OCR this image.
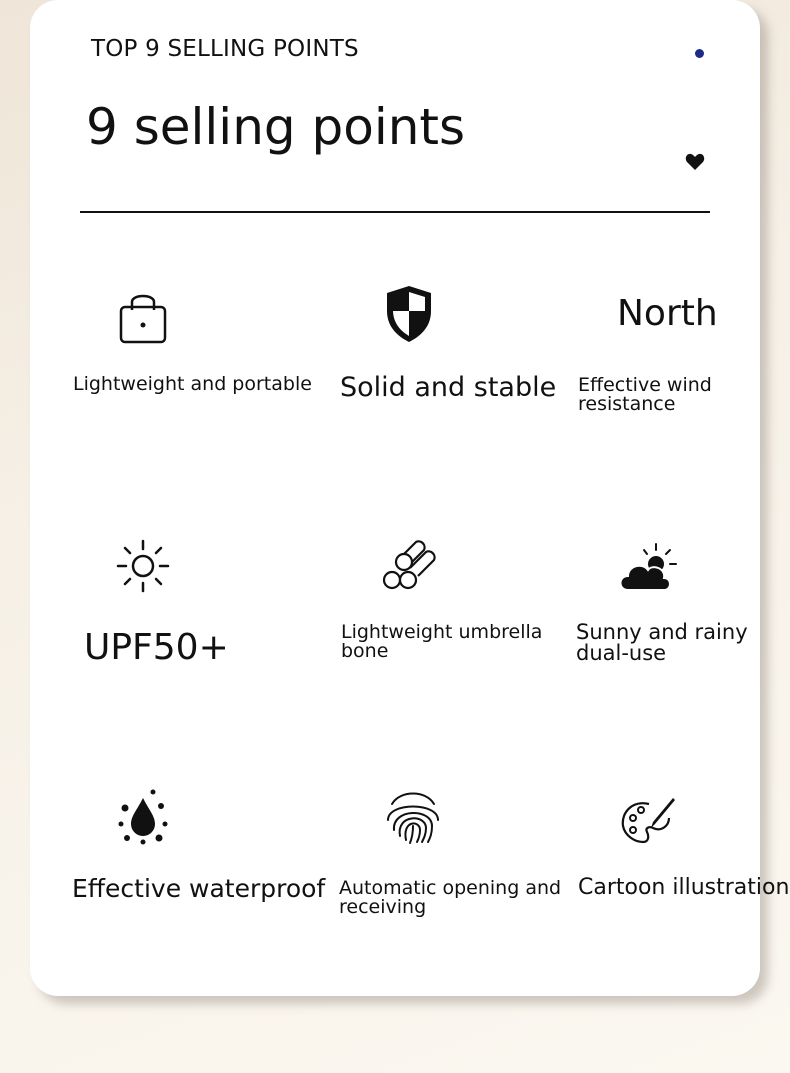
TOP 9 SELLING POINTS
9 selling points
Lightweight and portable Solid and stable
North
Effective wind resistance
UPF50+	Lightweight umbrella bone
Sunny and rainy dual-use
Effective waterproof Automatic opening and receiving
Cartoon illustration
